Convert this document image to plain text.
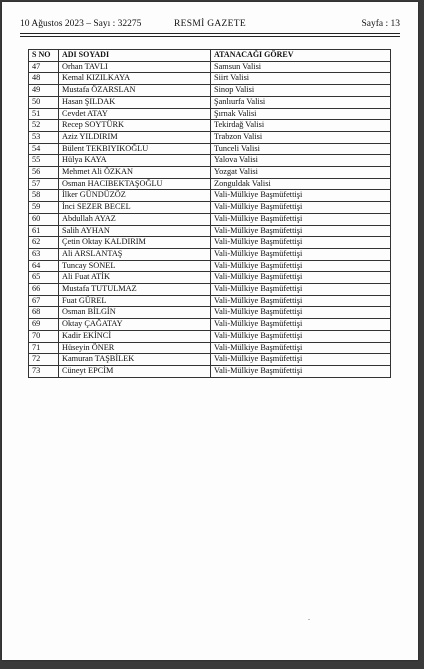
10 Ağustos 2023 – Sayı : 32275	RESMİ GAZETE	Sayfa : 13
S NO	ADI SOYADI	ATANACAĞI GÖREV
47	Orhan TAVLI	Samsun Valisi
48	Kemal KIZILKAYA	Siirt Valisi
49	Mustafa ÖZARSLAN	Sinop Valisi
50	Hasan ŞILDAK	Şanlıurfa Valisi
51	Cevdet ATAY	Şırnak Valisi
52	Recep SOYTÜRK	Tekirdağ Valisi
53	Aziz YILDIRIM	Trabzon Valisi
54	Bülent TEKBIYIKOĞLU	Tunceli Valisi
55	Hülya KAYA	Yalova Valisi
56	Mehmet Ali ÖZKAN	Yozgat Valisi
57	Osman HACIBEKTAŞOĞLU	Zonguldak Valisi
58	İlker GÜNDÜZÖZ	Vali-Mülkiye Başmüfettişi
59	İnci SEZER BECEL	Vali-Mülkiye Başmüfettişi
60	Abdullah AYAZ	Vali-Mülkiye Başmüfettişi
61	Salih AYHAN	Vali-Mülkiye Başmüfettişi
62	Çetin Oktay KALDIRIM	Vali-Mülkiye Başmüfettişi
63	Ali ARSLANTAŞ	Vali-Mülkiye Başmüfettişi
64	Tuncay SONEL	Vali-Mülkiye Başmüfettişi
65	Ali Fuat ATİK	Vali-Mülkiye Başmüfettişi
66	Mustafa TUTULMAZ	Vali-Mülkiye Başmüfettişi
67	Fuat GÜREL	Vali-Mülkiye Başmüfettişi
68	Osman BİLGİN	Vali-Mülkiye Başmüfettişi
69	Oktay ÇAĞATAY	Vali-Mülkiye Başmüfettişi
70	Kadir EKİNCİ	Vali-Mülkiye Başmüfettişi
71	Hüseyin ÖNER	Vali-Mülkiye Başmüfettişi
72	Kamuran TAŞBİLEK	Vali-Mülkiye Başmüfettişi
73	Cüneyt EPCİM	Vali-Mülkiye Başmüfettişi
